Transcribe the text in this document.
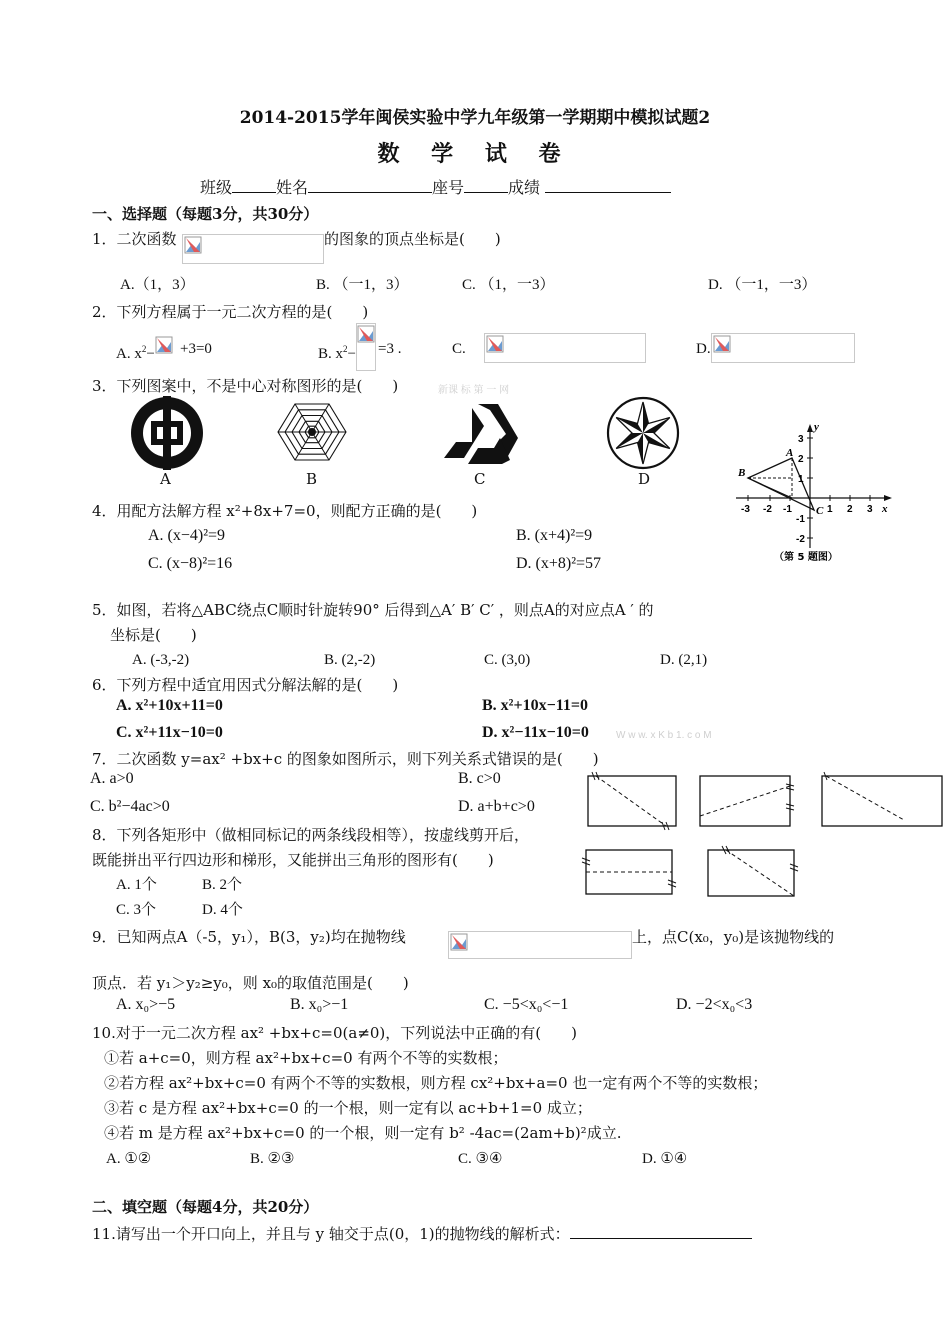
2014-2015学年闽侯实验中学九年级第一学期期中模拟试题2
数 学 试 卷
班级	姓名	座号	成绩
一、选择题（每题3分，共30分）
1．二次函数	的图象的顶点坐标是(　　)
A.（1，3）	B. （一1，3）	C. （1，一3）	D. （一1，一3）
2．下列方程属于一元二次方程的是(　　)
A. $x^2- +3=0$	B. $x^2- =3$ .	C.	D.
3．下列图案中，不是中心对称图形的是(　　)	新课 标 第 一 网
A	B	C	D
y
x
B
A
C
-3 -2 -1	1 2 3
3
2
1
-1
-2
（第 5 题图）
4．用配方法解方程 x²+8x+7=0，则配方正确的是(　　)
A. (x−4)²=9	B. (x+4)²=9
C. (x−8)²=16	D. (x+8)²=57
5．如图，若将△ABC绕点C顺时针旋转90° 后得到△A′ B′ C′ ，则点A的对应点A ′ 的
坐标是(　　)
A. (-3,-2)	B. (2,-2)	C. (3,0)	D. (2,1)
6．下列方程中适宜用因式分解法解的是(　　)
A. x²+10x+11=0	B. x²+10x−11=0
C. x²+11x−10=0	D. x²−11x−10=0	W w w. x K b 1. c o M
7．二次函数 y=ax² +bx+c 的图象如图所示，则下列关系式错误的是(　　)
A. a>0	B. c>0
C. b²−4ac>0	D. a+b+c>0
8．下列各矩形中（做相同标记的两条线段相等），按虚线剪开后，
既能拼出平行四边形和梯形，又能拼出三角形的图形有(　　)
A. 1个	B. 2个
C. 3个	D. 4个
9．已知两点A（-5，y₁），B(3，y₂)均在抛物线	上，点C(x₀，y₀)是该抛物线的
顶点．若 y₁＞y₂≥y₀，则 x₀的取值范围是(　　)
A. x₀>−5	B. x₀>−1	C. −5<x₀<−1	D. −2<x₀<3
10.对于一元二次方程 ax² +bx+c=0(a≠0)，下列说法中正确的有(　　)
①若 a+c=0，则方程 ax²+bx+c=0 有两个不等的实数根；
②若方程 ax²+bx+c=0 有两个不等的实数根，则方程 cx²+bx+a=0 也一定有两个不等的实数根；
③若 c 是方程 ax²+bx+c=0 的一个根，则一定有以 ac+b+1=0 成立；
④若 m 是方程 ax²+bx+c=0 的一个根，则一定有 b² -4ac=(2am+b)²成立.
A. ①②	B. ②③	C. ③④	D. ①④
二、填空题（每题4分，共20分）
11.请写出一个开口向上，并且与 y 轴交于点(0，1)的抛物线的解析式：
